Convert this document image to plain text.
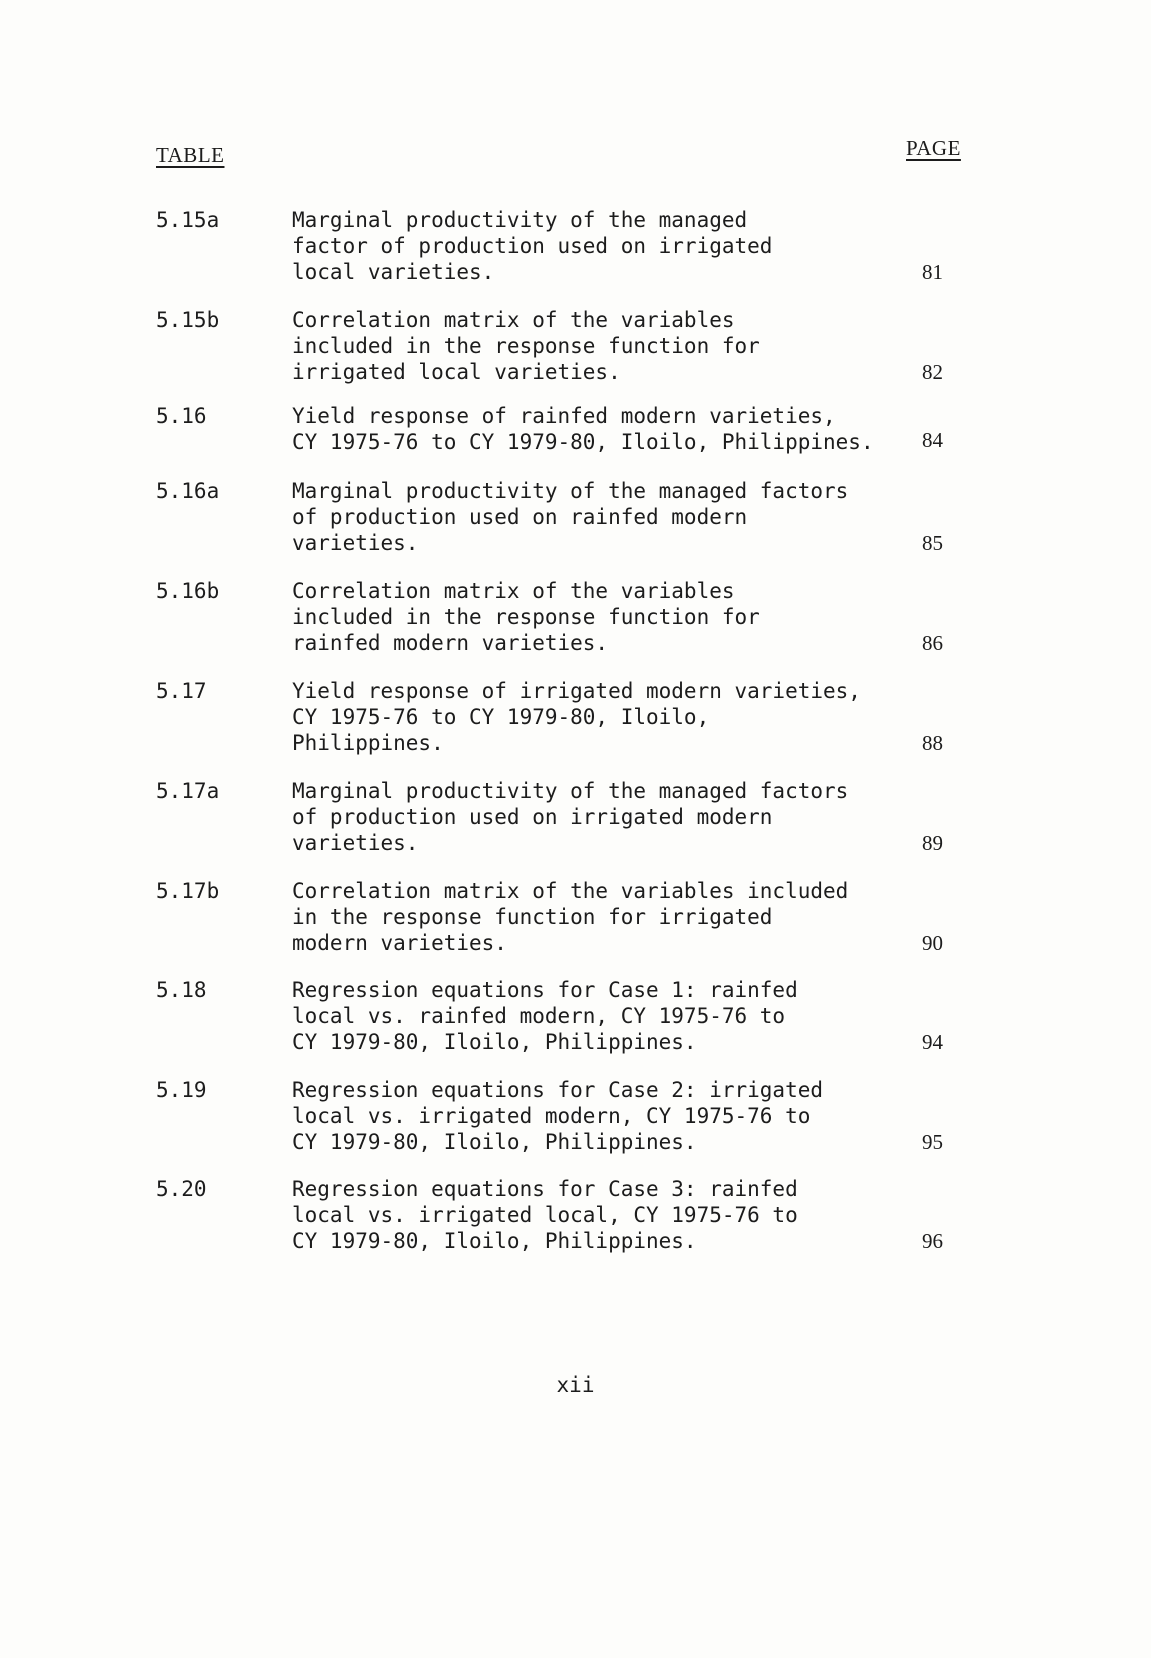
TABLE	PAGE
5.15a	Marginal productivity of the managed
factor of production used on irrigated
local varieties.	81
5.15b	Correlation matrix of the variables
included in the response function for
irrigated local varieties.	82
5.16	Yield response of rainfed modern varieties,
CY 1975-76 to CY 1979-80, Iloilo, Philippines.	84
5.16a	Marginal productivity of the managed factors
of production used on rainfed modern
varieties.	85
5.16b	Correlation matrix of the variables
included in the response function for
rainfed modern varieties.	86
5.17	Yield response of irrigated modern varieties,
CY 1975-76 to CY 1979-80, Iloilo,
Philippines.	88
5.17a	Marginal productivity of the managed factors
of production used on irrigated modern
varieties.	89
5.17b	Correlation matrix of the variables included
in the response function for irrigated
modern varieties.	90
5.18	Regression equations for Case 1: rainfed
local vs. rainfed modern, CY 1975-76 to
CY 1979-80, Iloilo, Philippines.	94
5.19	Regression equations for Case 2: irrigated
local vs. irrigated modern, CY 1975-76 to
CY 1979-80, Iloilo, Philippines.	95
5.20	Regression equations for Case 3: rainfed
local vs. irrigated local, CY 1975-76 to
CY 1979-80, Iloilo, Philippines.	96
xii
